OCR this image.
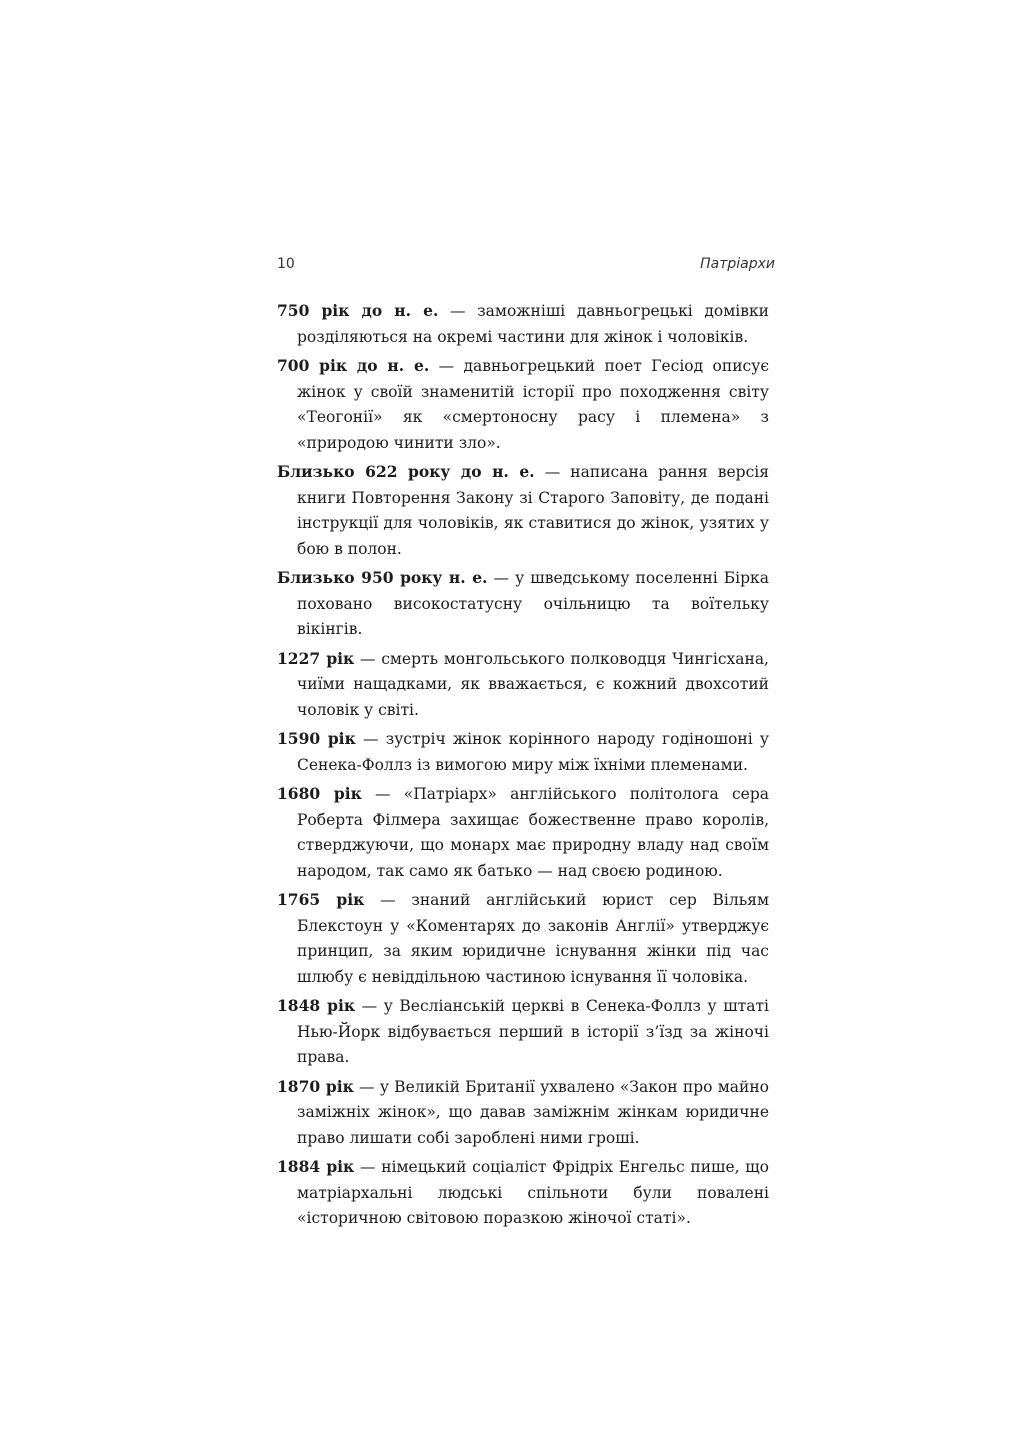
10	Патріархи

750 рік до н. е. — заможніші давньогрецькі домівки розділяються на окремі частини для жінок і чоловіків.

700 рік до н. е. — давньогрецький поет Гесіод описує жінок у своїй знаменитій історії про походження світу «Теогонії» як «смертоносну расу і племена» з «природою чинити зло».

Близько 622 року до н. е. — написана рання версія книги Повторення Закону зі Старого Заповіту, де подані інструкції для чоловіків, як ставитися до жінок, узятих у бою в полон.

Близько 950 року н. е. — у шведському поселенні Бірка поховано високостатусну очільницю та воїтельку вікінгів.

1227 рік — смерть монгольського полководця Чингісхана, чиїми нащадками, як вважається, є кожний двохсотий чоловік у світі.

1590 рік — зустріч жінок корінного народу годіношоні у Сенека-Фоллз із вимогою миру між їхніми племенами.

1680 рік — «Патріарх» англійського політолога сера Роберта Філмера захищає божественне право королів, стверджуючи, що монарх має природну владу над своїм народом, так само як батько — над своєю родиною.

1765 рік — знаний англійський юрист сер Вільям Блекстоун у «Коментарях до законів Англії» утверджує принцип, за яким юридичне існування жінки під час шлюбу є невіддільною частиною існування її чоловіка.

1848 рік — у Весліанській церкві в Сенека-Фоллз у штаті Нью-Йорк відбувається перший в історії з’їзд за жіночі права.

1870 рік — у Великій Британії ухвалено «Закон про майно заміжніх жінок», що давав заміжнім жінкам юридичне право лишати собі зароблені ними гроші.

1884 рік — німецький соціаліст Фрідріх Енгельс пише, що матріархальні людські спільноти були повалені «історичною світовою поразкою жіночої статі».
